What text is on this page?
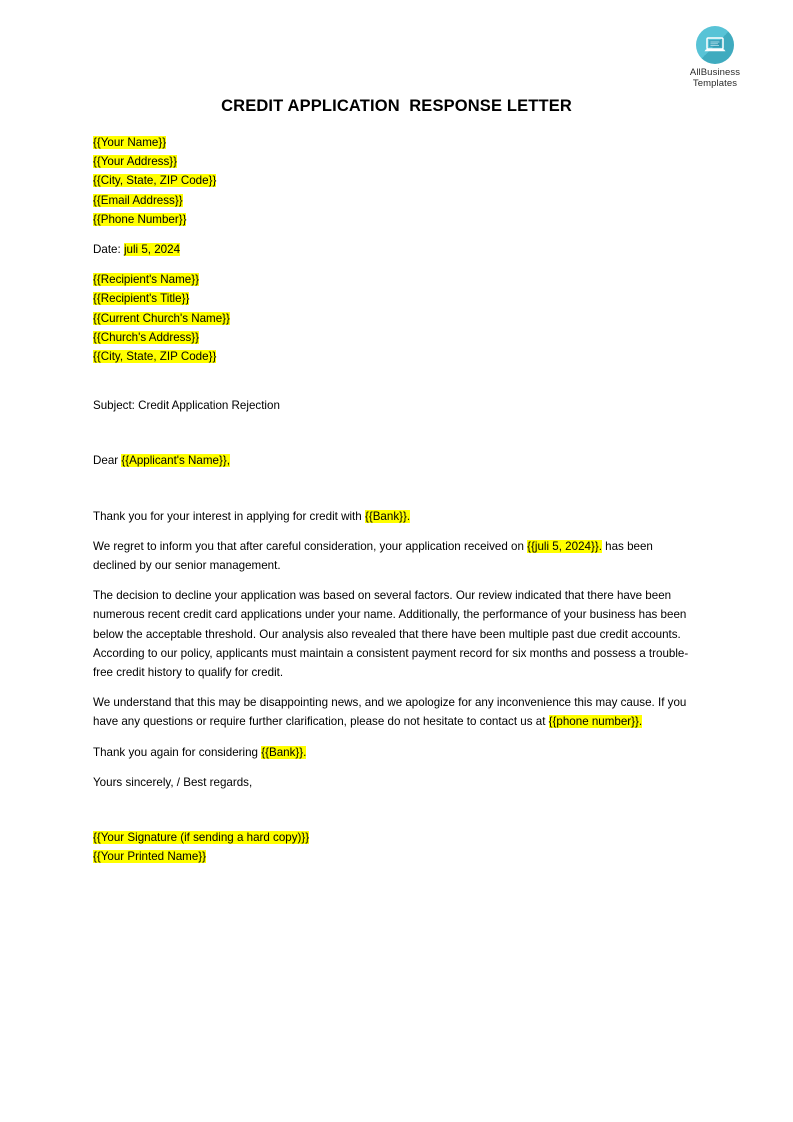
AllBusiness
Templates
CREDIT APPLICATION  RESPONSE LETTER
{{Your Name}}
{{Your Address}}
{{City, State, ZIP Code}}
{{Email Address}}
{{Phone Number}}
Date: juli 5, 2024
{{Recipient's Name}}
{{Recipient's Title}}
{{Current Church's Name}}
{{Church's Address}}
{{City, State, ZIP Code}}
Subject: Credit Application Rejection
Dear {{Applicant's Name}},

Thank you for your interest in applying for credit with {{Bank}}.

We regret to inform you that after careful consideration, your application received on {{juli 5, 2024}}. has been declined by our senior management.

The decision to decline your application was based on several factors. Our review indicated that there have been numerous recent credit card applications under your name. Additionally, the performance of your business has been below the acceptable threshold. Our analysis also revealed that there have been multiple past due credit accounts. According to our policy, applicants must maintain a consistent payment record for six months and possess a trouble-free credit history to qualify for credit.

We understand that this may be disappointing news, and we apologize for any inconvenience this may cause. If you have any questions or require further clarification, please do not hesitate to contact us at {{phone number}}.

Thank you again for considering {{Bank}}.

Yours sincerely, / Best regards,

{{Your Signature (if sending a hard copy)}}
{{Your Printed Name}}
